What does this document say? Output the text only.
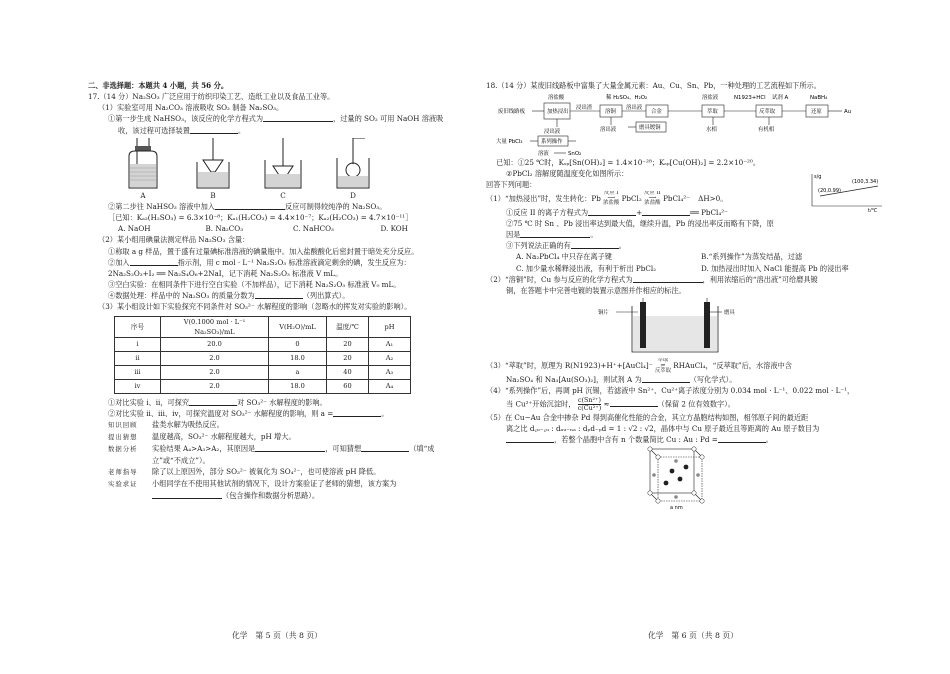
二、非选择题：本题共 4 小题，共 56 分。
17.（14 分）Na₂SO₃ 广泛应用于纺织印染工艺、造纸工业以及食品工业等。
（1）实验室可用 Na₂CO₃ 溶液吸收 SO₂ 制备 Na₂SO₃。
①第一步生成 NaHSO₃，该反应的化学方程式为	，过量的 SO₂ 可用 NaOH 溶液吸
收，该过程可选择装置	。
A	B	C	D
②第二步往 NaHSO₃ 溶液中加入	反应可制得较纯净的 Na₂SO₃。
［已知：Kₐ₂(H₂SO₃) = 6.3×10⁻⁸；Kₐ₁(H₂CO₃) = 4.4×10⁻⁷；Kₐ₂(H₂CO₃) = 4.7×10⁻¹¹］
A. NaOH	B. Na₂CO₃	C. NaHCO₃	D. KOH
（2）某小组用碘量法测定样品 Na₂SO₃ 含量：
①称取 a g 样品，置于盛有过量碘标准溶液的碘量瓶中。加入盐酸酸化后密封置于暗处充分反应。
②加入	指示剂，用 c mol · L⁻¹ Na₂S₂O₃ 标准溶液滴定剩余的碘，发生反应为：
2Na₂S₂O₃+I₂ ══ Na₂S₄O₆+2NaI，记下消耗 Na₂S₂O₃ 标准液 V mL。
③空白实验：在相同条件下进行空白实验（不加样品），记下消耗 Na₂S₂O₃ 标准液 V₀ mL。
④数据处理：样品中的 Na₂SO₃ 的质量分数为	（列出算式）。
（3）某小组设计如下实验探究不同条件对 SO₃²⁻ 水解程度的影响（忽略水的挥发对实验的影响）。
序号	V(0.1000 mol · L⁻¹ Na₂SO₃)/mL	V(H₂O)/mL	温度/℃	pH
i	20.0	0	20	A₁
ii	2.0	18.0	20	A₂
iii	2.0	a	40	A₃
iv	2.0	18.0	60	A₄
①对比实验 i、ii，可探究	对 SO₃²⁻ 水解程度的影响。
②对比实验 ii、iii、iv，可探究温度对 SO₃²⁻ 水解程度的影响，则 a =	。
知识回顾 盐类水解为吸热反应。
提出猜想 温度越高，SO₃²⁻ 水解程度越大，pH 增大。
数据分析 实验结果 A₄>A₃>A₂，其原因是	，可知猜想	（填“成
立”或“不成立”）。
老师指导 除了以上原因外，部分 SO₃²⁻ 被氧化为 SO₄²⁻，也可使溶液 pH 降低。
实验求证 小组同学在不使用其他试剂的情况下，设计方案验证了老师的猜想，该方案为
（包含操作和数据分析思路）。
化学　第 5 页（共 8 页）
18.（14 分）某废旧线路板中富集了大量金属元素：Au、Cu、Sn、Pb，一种处理的工艺流程如下所示。
溶盐酸	稀 H₂SO₄、H₂O₂	溶盐液	N1923+HCl 试剂 A	NaBH₄
废旧线路板	加热浸出
浸出渣
溶铜
溶出液
合金	萃取	反萃取	还原	Au
浸出液	溶出液	磨具镀铜	水相	有机相
大量 PbCl₂	系列操作
溶液	SnO₂
已知：①25 ℃时，Kₛₚ[Sn(OH)₂] = 1.4×10⁻²⁸；Kₛₚ[Cu(OH)₂] = 2.2×10⁻²⁰。
②PbCl₂ 溶解度随温度变化如图所示：
回答下列问题：
s/g
t/℃
(20,0.99)
(100,3.34)
（1）“加热浸出”时，发生转化：Pb 反应 I
⟶
浓盐酸 PbCl₂ 反应 II
⟶
浓盐酸 PbCl₄²⁻ ΔH>0。
①反应 II 的离子方程式为	+	══ PbCl₄²⁻
②75 ℃ 时 Sn 、Pb 浸出率达到最大值，继续升温，Pb 的浸出率反而略有下降，原
因是	。
③下列说法正确的有	。
A. Na₂PbCl₄ 中只存在离子键	B.“系列操作”为蒸发结晶，过滤
C. 加少量水稀释浸出液，有利于析出 PbCl₂	D. 加热浸出时加入 NaCl 能提高 Pb 的浸出率
（2）“溶铜”时，Cu 参与反应的化学方程式为	，利用浓缩后的“溶出液”可给磨具镀
铜，在答题卡中完善电镀的装置示意图并作相应的标注。
铜片	磨具
（3）“萃取”时，原理为 R(N1923)+H⁺+[AuCl₄]⁻ 萃取
⇌
反萃取 RHAuCl₄，“反萃取”后，水溶液中含
Na₂SO₄ 和 Na₃[Au(SO₃)₂]，则试剂 A 为	（写化学式）。
（4）“系列操作”后，再调 pH 沉锡，若滤液中 Sn²⁺、Cu²⁺离子浓度分别为 0.034 mol · L⁻¹、0.022 mol · L⁻¹，
当 Cu²⁺开始沉淀时， $\frac{\text{c(Sn²⁺)}}{\text{c(Cu²⁺)}}$ ≈	（保留 2 位有效数字）。
（5）在 Cu−Au 合金中掺杂 Pd 得到高催化性能的合金，其立方晶胞结构如图，相邻原子间的最近距
离之比 d꜀ᵤ₋꜀ᵤ : dₐᵤ₋ₙₐ : dₚd₋ₚd = 1 : √2 : √2，晶体中与 Cu 原子最近且等距离的 Au 原子数目为
，若整个晶胞中含有 n 个数量简比 Cu : Au : Pd =	。
a nm
化学　第 6 页（共 8 页）
